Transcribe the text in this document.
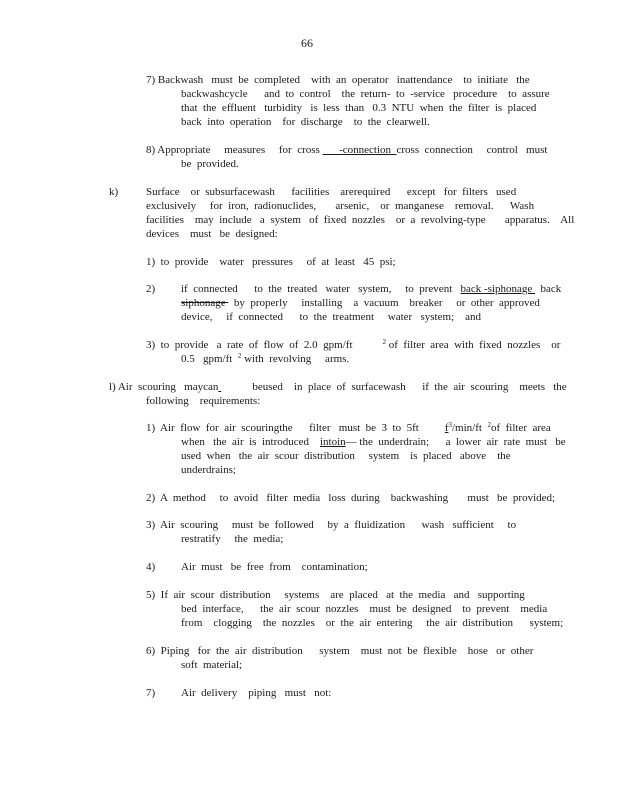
66
7) Backwash   must  be  completed    with  an  operator   inattendance    to  initiate   the
backwashcycle      and  to  control    the  return-  to  -service   procedure    to  assure
that  the  effluent   turbidity   is  less  than   0.3  NTU  when  the  filter  is  placed
back  into  operation    for  discharge    to  the  clearwell.
8) Appropriate     measures     for  cross       -connection  cross  connection     control   must
be  provided.
k)	Surface    or  subsurfacewash      facilities    arerequired      except   for  filters   used
exclusively     for  iron,  radionuclides,       arsenic,    or  manganese    removal.      Wash
facilities    may  include   a  system   of  fixed  nozzles    or  a  revolving-type       apparatus.    All
devices    must   be  designed:
1)  to  provide    water   pressures     of  at  least   45  psi;
2) if  connected      to  the  treated   water   system,     to  prevent   back -siphonage   back
siphonage   by  properly     installing    a  vacuum    breaker     or  other  approved
device,     if  connected      to  the  treatment     water   system;    and
3)  to  provide   a  rate  of  flow  of  2.0  gpm/ft	$^2$ of  filter  area  with  fixed  nozzles    or
0.5   gpm/ft  $^2$ with  revolving     arms.
l) Air  scouring   maycan	beused    in  place  of  surfacewash      if  the  air  scouring    meets   the
following    requirements:
1)  Air  flow  for  air  scouringthe      filter   must  be  3  to  5ft $f^3/\min/ft$  $^2$of  filter  area
when   the  air  is  introduced    intoin— the  underdrain;      a  lower  air  rate  must   be
used  when   the  air  scour  distribution     system    is  placed   above    the
underdrains;
2)  A  method     to  avoid   filter  media   loss  during    backwashing       must   be  provided;
3)  Air  scouring     must  be  followed     by  a  fluidization      wash   sufficient     to
restratify     the  media;
4) Air  must   be  free  from    contamination;
5)  If  air  scour  distribution     systems    are  placed   at  the  media   and   supporting
bed  interface,      the  air  scour  nozzles    must  be  designed    to  prevent    media
from    clogging    the  nozzles    or  the  air  entering     the  air  distribution      system;
6)  Piping   for  the  air  distribution      system    must  not  be  flexible    hose   or  other
soft  material;
7) Air  delivery    piping   must   not:
